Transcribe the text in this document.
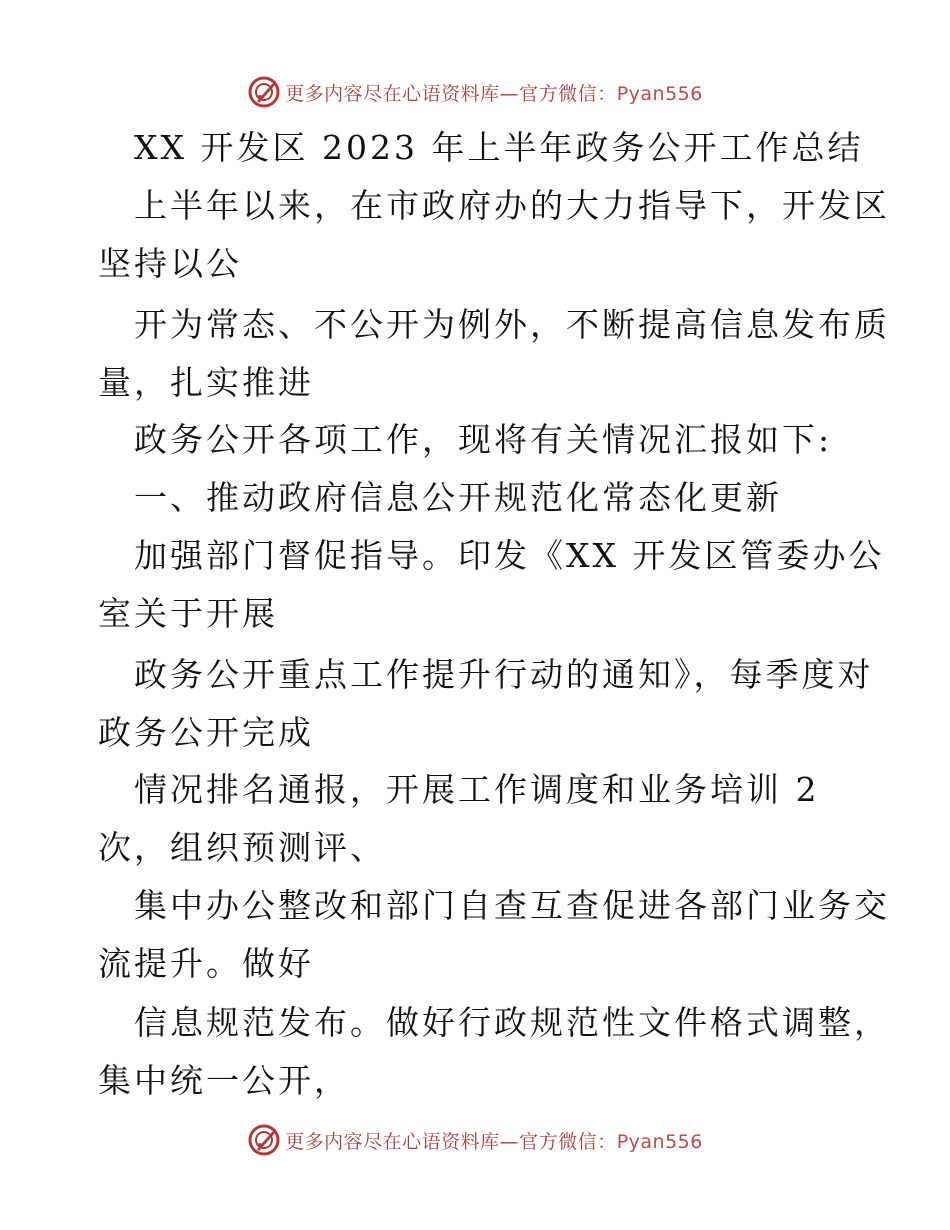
更多内容尽在心语资料库—官方微信：Pyan556
XX 开发区 2023 年上半年政务公开工作总结
上半年以来，在市政府办的大力指导下，开发区
坚持以公
开为常态、不公开为例外，不断提高信息发布质
量，扎实推进
政务公开各项工作，现将有关情况汇报如下:
一、推动政府信息公开规范化常态化更新
加强部门督促指导。印发《XX 开发区管委办公
室关于开展
政务公开重点工作提升行动的通知》，每季度对
政务公开完成
情况排名通报，开展工作调度和业务培训 2
次，组织预测评、
集中办公整改和部门自查互查促进各部门业务交
流提升。做好
信息规范发布。做好行政规范性文件格式调整，
集中统一公开，
更多内容尽在心语资料库—官方微信：Pyan556
